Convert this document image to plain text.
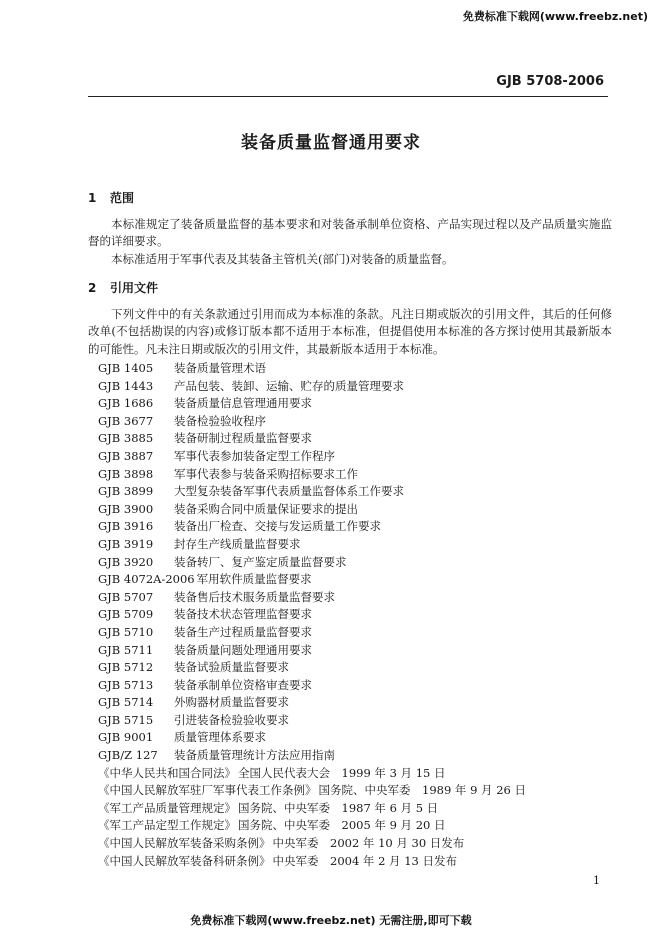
免费标准下载网(www.freebz.net)
GJB 5708-2006
装备质量监督通用要求
1 范围

本标准规定了装备质量监督的基本要求和对装备承制单位资格、产品实现过程以及产品质量实施监督的详细要求。

本标准适用于军事代表及其装备主管机关(部门)对装备的质量监督。

2 引用文件

下列文件中的有关条款通过引用而成为本标准的条款。凡注日期或版次的引用文件，其后的任何修改单(不包括勘误的内容)或修订版本都不适用于本标准，但提倡使用本标准的各方探讨使用其最新版本的可能性。凡未注日期或版次的引用文件，其最新版本适用于本标准。

GJB 1405 装备质量管理术语
GJB 1443 产品包装、装卸、运输、贮存的质量管理要求
GJB 1686 装备质量信息管理通用要求
GJB 3677 装备检验验收程序
GJB 3885 装备研制过程质量监督要求
GJB 3887 军事代表参加装备定型工作程序
GJB 3898 军事代表参与装备采购招标要求工作
GJB 3899 大型复杂装备军事代表质量监督体系工作要求
GJB 3900 装备采购合同中质量保证要求的提出
GJB 3916 装备出厂检查、交接与发运质量工作要求
GJB 3919 封存生产线质量监督要求
GJB 3920 装备转厂、复产鉴定质量监督要求
GJB 4072A-2006 军用软件质量监督要求
GJB 5707 装备售后技术服务质量监督要求
GJB 5709 装备技术状态管理监督要求
GJB 5710 装备生产过程质量监督要求
GJB 5711 装备质量问题处理通用要求
GJB 5712 装备试验质量监督要求
GJB 5713 装备承制单位资格审查要求
GJB 5714 外购器材质量监督要求
GJB 5715 引进装备检验验收要求
GJB 9001 质量管理体系要求
GJB/Z 127 装备质量管理统计方法应用指南
《中华人民共和国合同法》 全国人民代表大会　1999 年 3 月 15 日
《中国人民解放军驻厂军事代表工作条例》 国务院、中央军委　1989 年 9 月 26 日
《军工产品质量管理规定》 国务院、中央军委　1987 年 6 月 5 日
《军工产品定型工作规定》 国务院、中央军委　2005 年 9 月 20 日
《中国人民解放军装备采购条例》 中央军委　2002 年 10 月 30 日发布
《中国人民解放军装备科研条例》 中央军委　2004 年 2 月 13 日发布
1
免费标准下载网(www.freebz.net) 无需注册,即可下载
